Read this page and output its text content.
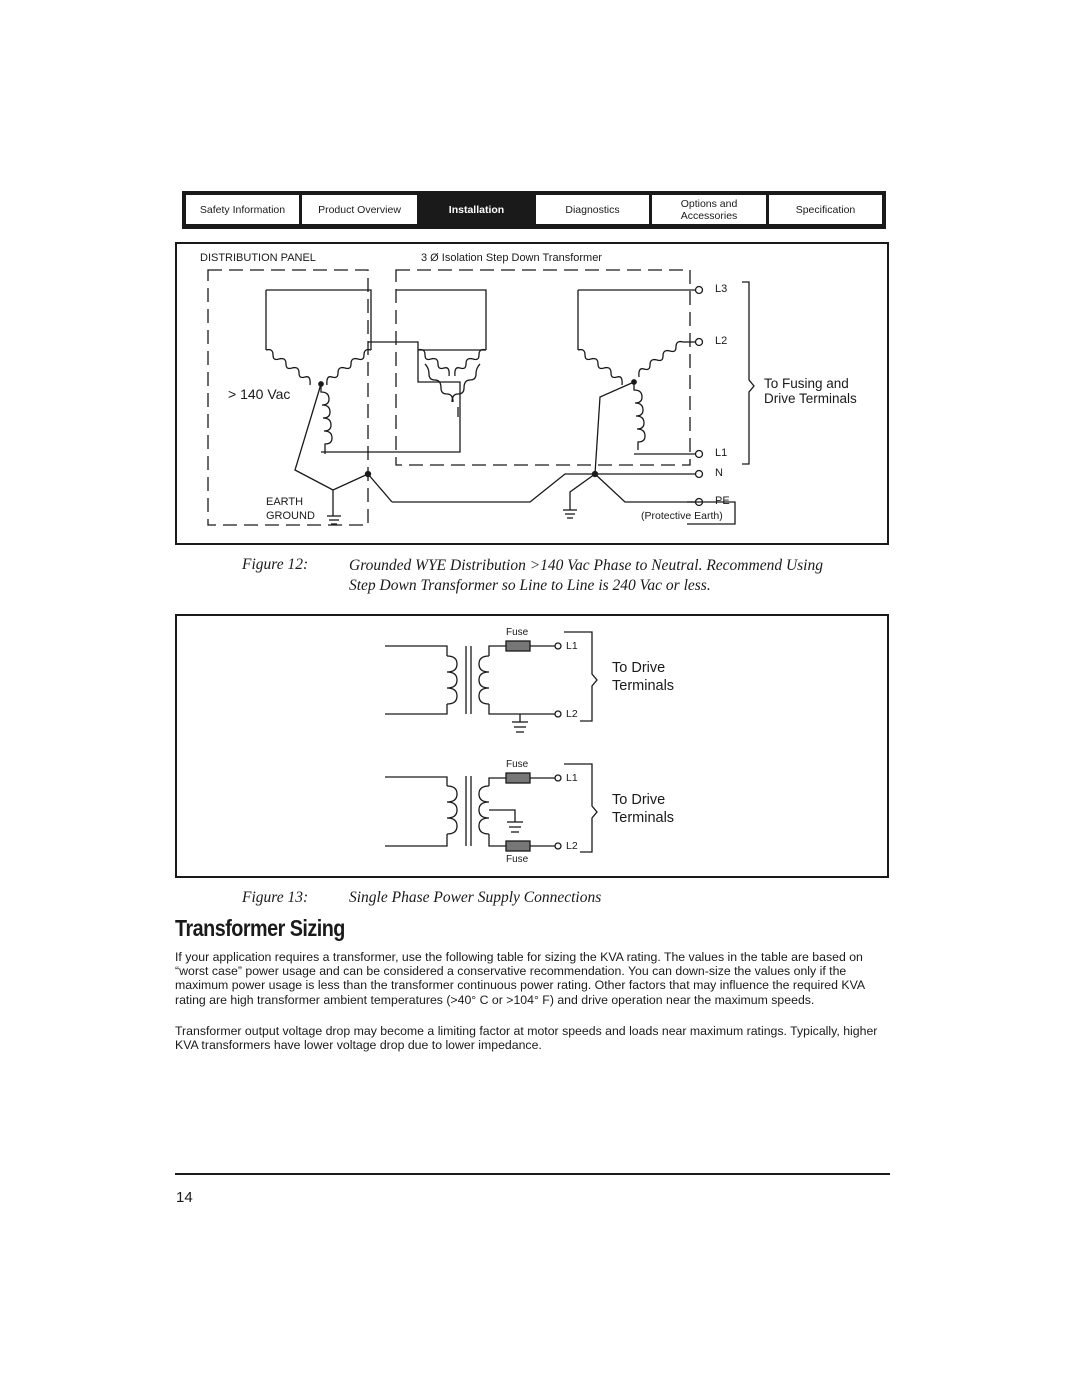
Safety Information	Product Overview	Installation	Diagnostics	Options and
Accessories	Specification
DISTRIBUTION PANEL	3 Ø Isolation Step Down Transformer
> 140 Vac
EARTH
GROUND
L3
L2
L1
N
PE
(Protective Earth)
To Fusing and
Drive Terminals
Figure 12:	Grounded WYE Distribution >140 Vac Phase to Neutral. Recommend Using
Step Down Transformer so Line to Line is 240 Vac or less.
Fuse
L1
L2
To Drive
Terminals
Fuse
L1
L2
Fuse
To Drive
Terminals
Figure 13:	Single Phase Power Supply Connections
Transformer Sizing
If your application requires a transformer, use the following table for sizing the KVA rating. The values in the table are based on “worst case” power usage and can be considered a conservative recommendation. You can down-size the values only if the maximum power usage is less than the transformer continuous power rating. Other factors that may influence the required KVA rating are high transformer ambient temperatures (>40° C or >104° F) and drive operation near the maximum speeds.
Transformer output voltage drop may become a limiting factor at motor speeds and loads near maximum ratings. Typically, higher KVA transformers have lower voltage drop due to lower impedance.
14
